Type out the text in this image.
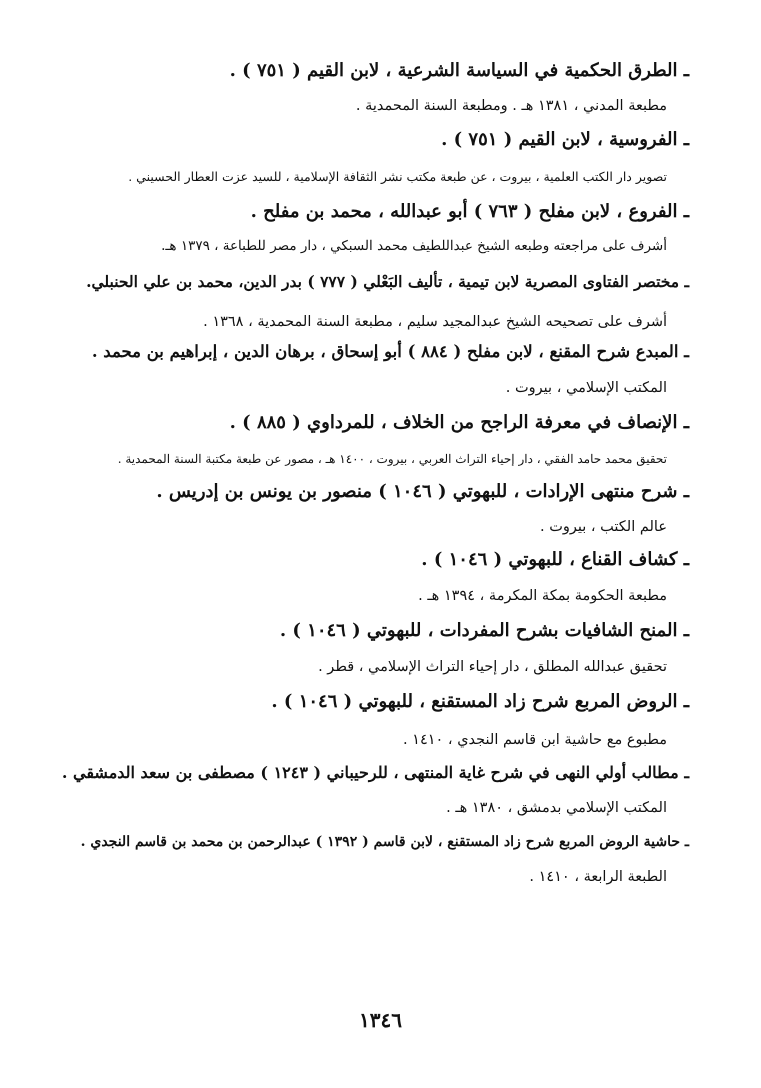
ـ الطرق الحكمية في السياسة الشرعية ، لابن القيم ( ٧٥١ ) .

مطبعة المدني ، ١٣٨١ هـ . ومطبعة السنة المحمدية .

ـ الفروسية ، لابن القيم ( ٧٥١ ) .

تصوير دار الكتب العلمية ، بيروت ، عن طبعة مكتب نشر الثقافة الإسلامية ، للسيد عزت العطار الحسيني .

ـ الفروع ، لابن مفلح ( ٧٦٣ ) أبو عبدالله ، محمد بن مفلح .

أشرف على مراجعته وطبعه الشيخ عبداللطيف محمد السبكي ، دار مصر للطباعة ، ١٣٧٩ هـ.

ـ مختصر الفتاوى المصرية لابن تيمية ، تأليف البَعْلي ( ٧٧٧ ) بدر الدين، محمد بن علي الحنبلي.

أشرف على تصحيحه الشيخ عبدالمجيد سليم ، مطبعة السنة المحمدية ، ١٣٦٨ .

ـ المبدع شرح المقنع ، لابن مفلح ( ٨٨٤ ) أبو إسحاق ، برهان الدين ، إبراهيم بن محمد .

المكتب الإسلامي ، بيروت .

ـ الإنصاف في معرفة الراجح من الخلاف ، للمرداوي ( ٨٨٥ ) .

تحقيق محمد حامد الفقي ، دار إحياء التراث العربي ، بيروت ، ١٤٠٠ هـ ، مصور عن طبعة مكتبة السنة المحمدية .

ـ شرح منتهى الإرادات ، للبهوتي ( ١٠٤٦ ) منصور بن يونس بن إدريس .

عالم الكتب ، بيروت .

ـ كشاف القناع ، للبهوتي ( ١٠٤٦ ) .

مطبعة الحكومة بمكة المكرمة ، ١٣٩٤ هـ .

ـ المنح الشافيات بشرح المفردات ، للبهوتي ( ١٠٤٦ ) .

تحقيق عبدالله المطلق ، دار إحياء التراث الإسلامي ، قطر .

ـ الروض المربع شرح زاد المستقنع ، للبهوتي ( ١٠٤٦ ) .

مطبوع مع حاشية ابن قاسم النجدي ، ١٤١٠ .

ـ مطالب أولي النهى في شرح غاية المنتهى ، للرحيباني ( ١٢٤٣ ) مصطفى بن سعد الدمشقي .

المكتب الإسلامي بدمشق ، ١٣٨٠ هـ .

ـ حاشية الروض المربع شرح زاد المستقنع ، لابن قاسم ( ١٣٩٢ ) عبدالرحمن بن محمد بن قاسم النجدي .

الطبعة الرابعة ، ١٤١٠ .

١٣٤٦
